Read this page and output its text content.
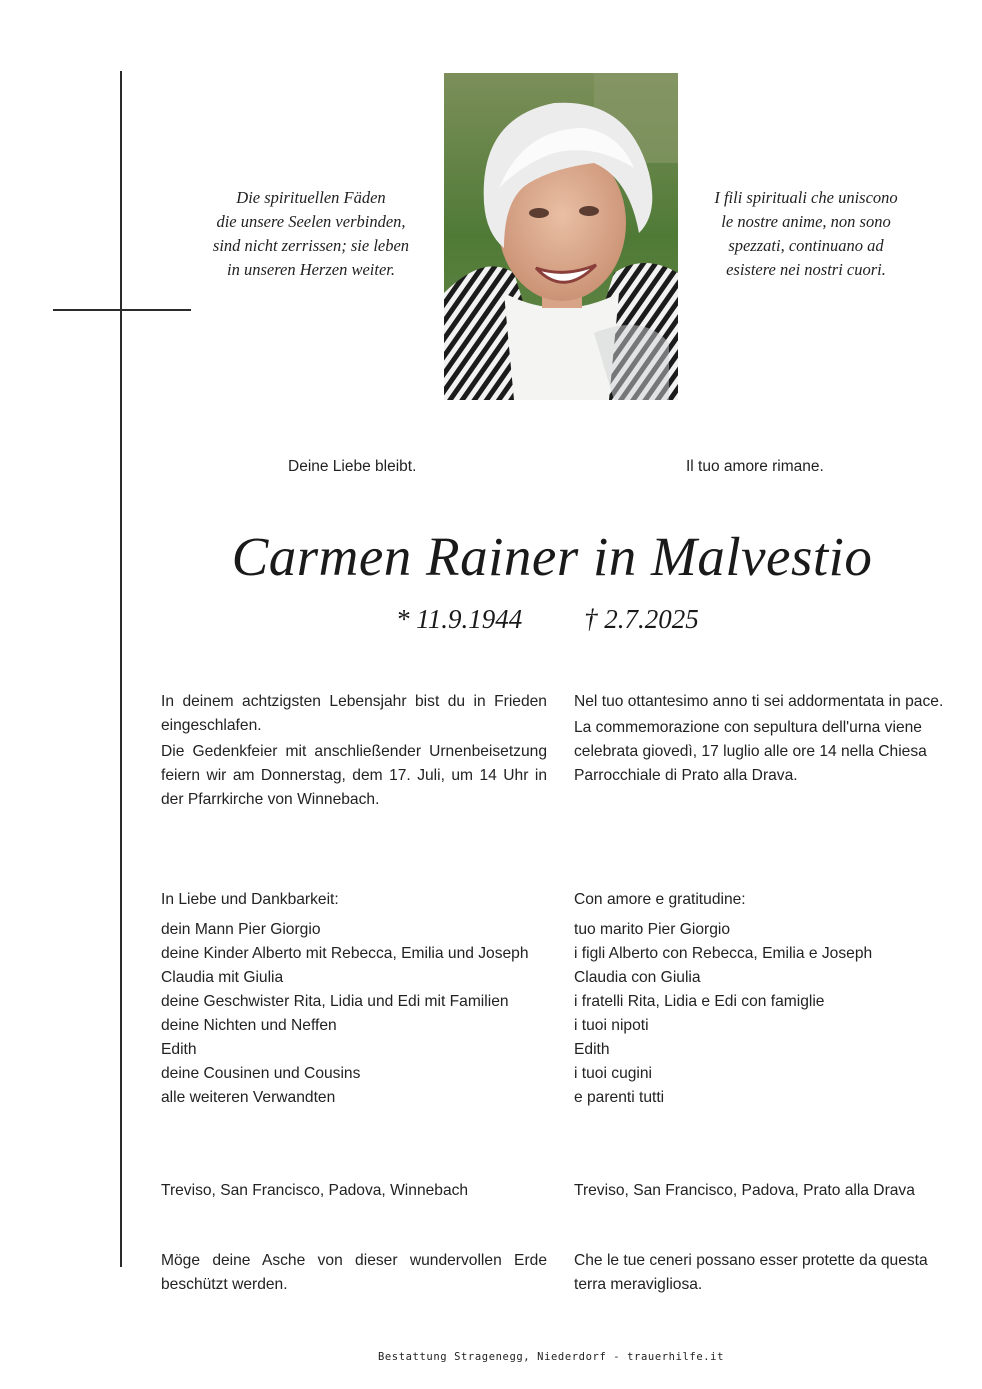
Die spirituellen Fäden
die unsere Seelen verbinden,
sind nicht zerrissen; sie leben
in unseren Herzen weiter.
I fili spirituali che uniscono
le nostre anime, non sono
spezzati, continuano ad
esistere nei nostri cuori.
Deine Liebe bleibt.	Il tuo amore rimane.
Carmen Rainer in Malvestio
* 11.9.1944 † 2.7.2025

In deinem achtzigsten Lebensjahr bist du in Frieden eingeschlafen.

Die Gedenkfeier mit anschließender Urnenbeisetzung feiern wir am Donnerstag, dem 17. Juli, um 14 Uhr in der Pfarrkirche von Winnebach.

Nel tuo ottantesimo anno ti sei addormentata in pace.

La commemorazione con sepultura dell'urna viene celebrata giovedì, 17 luglio alle ore 14 nella Chiesa Parrocchiale di Prato alla Drava.

In Liebe und Dankbarkeit:
dein Mann Pier Giorgio
deine Kinder Alberto mit Rebecca, Emilia und Joseph
Claudia mit Giulia
deine Geschwister Rita, Lidia und Edi mit Familien
deine Nichten und Neffen
Edith
deine Cousinen und Cousins
alle weiteren Verwandten
Con amore e gratitudine:
tuo marito Pier Giorgio
i figli Alberto con Rebecca, Emilia e Joseph
Claudia con Giulia
i fratelli Rita, Lidia e Edi con famiglie
i tuoi nipoti
Edith
i tuoi cugini
e parenti tutti
Treviso, San Francisco, Padova, Winnebach	Treviso, San Francisco, Padova, Prato alla Drava
Möge deine Asche von dieser wundervollen Erde beschützt werden.
Che le tue ceneri possano esser protette da questa terra meravigliosa.
Bestattung Stragenegg, Niederdorf - trauerhilfe.it
